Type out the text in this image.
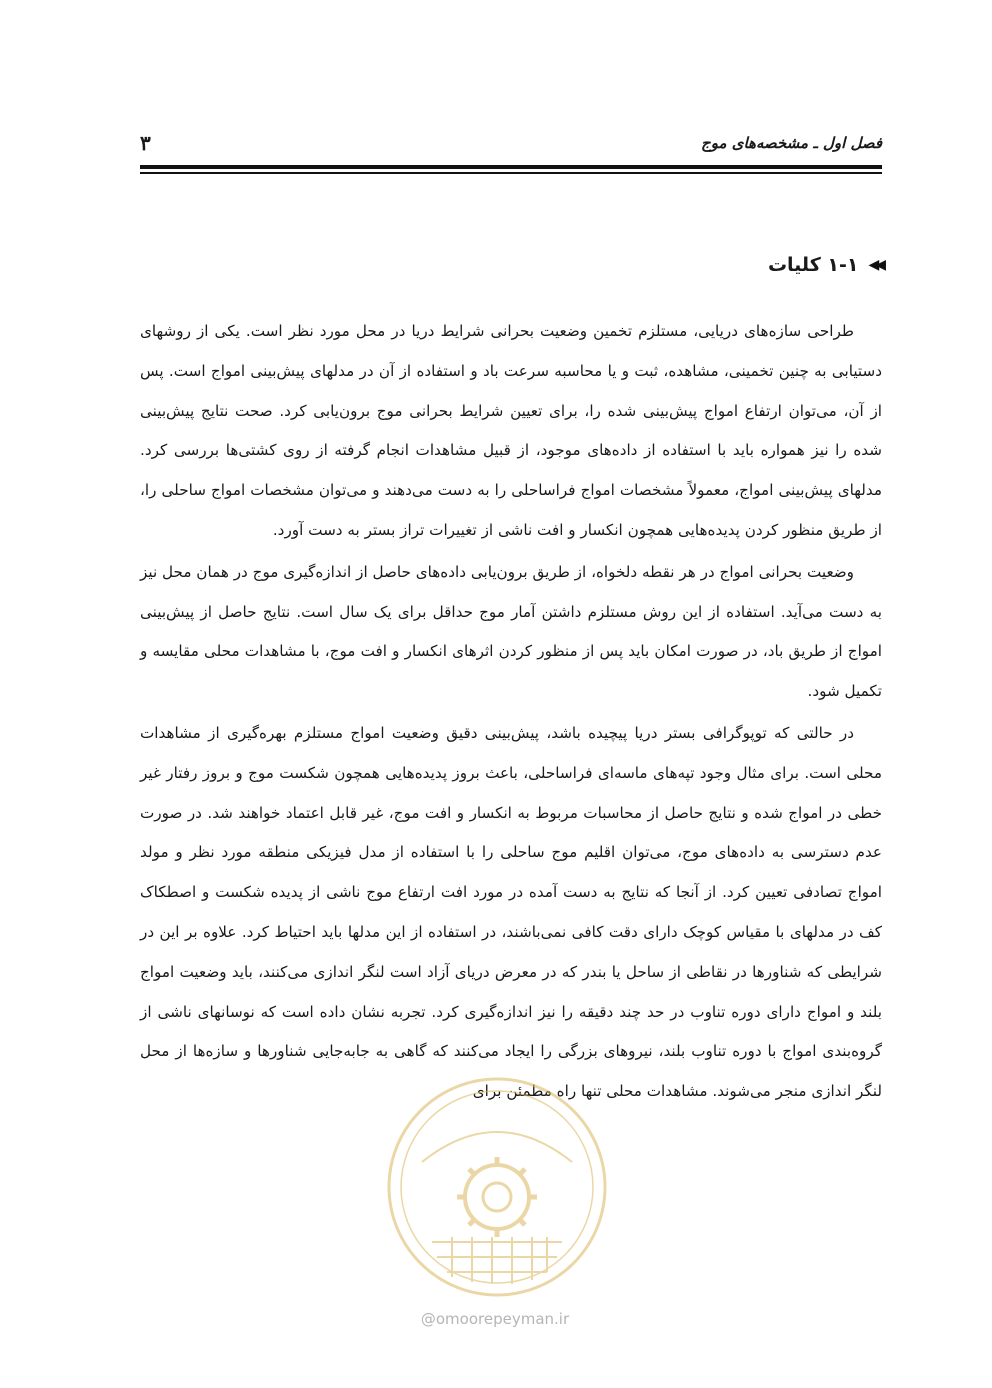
فصل اول ـ مشخصه‌های موج
۳
◀◀
۱-۱ کلیات

طراحی سازه‌های دریایی، مستلزم تخمین وضعیت بحرانی شرایط دریا در محل مورد نظر است. یکی از روشهای دستیابی به چنین تخمینی، مشاهده، ثبت و یا محاسبه سرعت باد و استفاده از آن در مدلهای پیش‌بینی امواج است. پس از آن، می‌توان ارتفاع امواج پیش‌بینی شده را، برای تعیین شرایط بحرانی موج برون‌یابی کرد. صحت نتایج پیش‌بینی شده را نیز همواره باید با استفاده از داده‌های موجود، از قبیل مشاهدات انجام گرفته از روی کشتی‌ها بررسی کرد. مدلهای پیش‌بینی امواج، معمولاً مشخصات امواج فراساحلی را به دست می‌دهند و می‌توان مشخصات امواج ساحلی را، از طریق منظور کردن پدیده‌هایی همچون انکسار و افت ناشی از تغییرات تراز بستر به دست آورد.

وضعیت بحرانی امواج در هر نقطه دلخواه، از طریق برون‌یابی داده‌های حاصل از اندازه‌گیری موج در همان محل نیز به دست می‌آید. استفاده از این روش مستلزم داشتن آمار موج حداقل برای یک سال است. نتایج حاصل از پیش‌بینی امواج از طریق باد، در صورت امکان باید پس از منظور کردن اثرهای انکسار و افت موج، با مشاهدات محلی مقایسه و تکمیل شود.

در حالتی که توپوگرافی بستر دریا پیچیده باشد، پیش‌بینی دقیق وضعیت امواج مستلزم بهره‌گیری از مشاهدات محلی است. برای مثال وجود تپه‌های ماسه‌ای فراساحلی، باعث بروز پدیده‌هایی همچون شکست موج و بروز رفتار غیر خطی در امواج شده و نتایج حاصل از محاسبات مربوط به انکسار و افت موج، غیر قابل اعتماد خواهند شد. در صورت عدم دسترسی به داده‌های موج، می‌توان اقلیم موج ساحلی را با استفاده از مدل فیزیکی منطقه مورد نظر و مولد امواج تصادفی تعیین کرد. از آنجا که نتایج به دست آمده در مورد افت ارتفاع موج ناشی از پدیده شکست و اصطکاک کف در مدلهای با مقیاس کوچک دارای دقت کافی نمی‌باشند، در استفاده از این مدلها باید احتیاط کرد. علاوه بر این در شرایطی که شناورها در نقاطی از ساحل یا بندر که در معرض دریای آزاد است لنگر اندازی می‌کنند، باید وضعیت امواج بلند و امواج دارای دوره تناوب در حد چند دقیقه را نیز اندازه‌گیری کرد. تجربه نشان داده است که نوسانهای ناشی از گروه‌بندی امواج با دوره تناوب بلند، نیروهای بزرگی را ایجاد می‌کنند که گاهی به جابه‌جایی شناورها و سازه‌ها از محل لنگر اندازی منجر می‌شوند. مشاهدات محلی تنها راه مطمئن برای

@omoorepeyman.ir
